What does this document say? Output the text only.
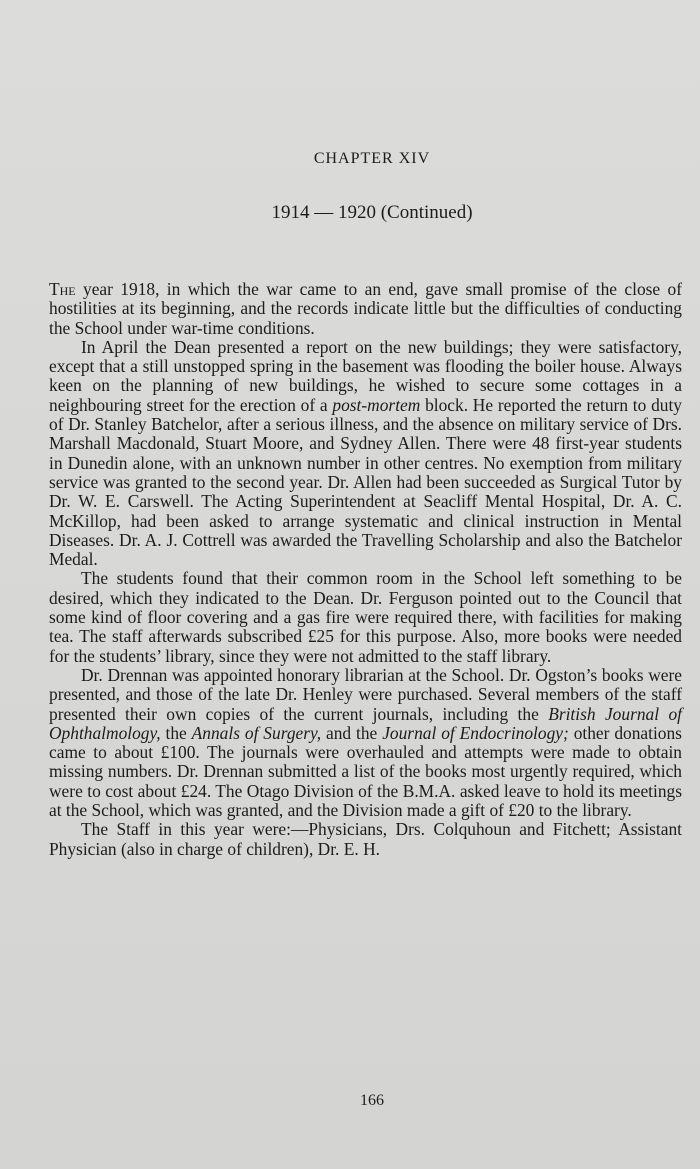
CHAPTER XIV
1914 — 1920 (Continued)

The year 1918, in which the war came to an end, gave small promise of the close of hostilities at its beginning, and the records indicate little but the difficulties of conducting the School under war-time conditions.

In April the Dean presented a report on the new buildings; they were satisfactory, except that a still unstopped spring in the basement was flooding the boiler house. Always keen on the planning of new buildings, he wished to secure some cottages in a neighbouring street for the erection of a post-mortem block. He reported the return to duty of Dr. Stanley Batchelor, after a serious illness, and the absence on military service of Drs. Marshall Macdonald, Stuart Moore, and Sydney Allen. There were 48 first-year students in Dunedin alone, with an unknown number in other centres. No exemption from military service was granted to the second year. Dr. Allen had been succeeded as Surgical Tutor by Dr. W. E. Carswell. The Acting Superintendent at Seacliff Mental Hospital, Dr. A. C. McKillop, had been asked to arrange systematic and clinical instruction in Mental Diseases. Dr. A. J. Cottrell was awarded the Travelling Scholarship and also the Batchelor Medal.

The students found that their common room in the School left something to be desired, which they indicated to the Dean. Dr. Ferguson pointed out to the Council that some kind of floor covering and a gas fire were required there, with facilities for making tea. The staff afterwards subscribed £25 for this purpose. Also, more books were needed for the students’ library, since they were not admitted to the staff library.

Dr. Drennan was appointed honorary librarian at the School. Dr. Ogston’s books were presented, and those of the late Dr. Henley were purchased. Several members of the staff presented their own copies of the current journals, including the British Journal of Ophthalmology, the Annals of Surgery, and the Journal of Endocrinology; other donations came to about £100. The journals were overhauled and attempts were made to obtain missing numbers. Dr. Drennan submitted a list of the books most urgently required, which were to cost about £24. The Otago Division of the B.M.A. asked leave to hold its meetings at the School, which was granted, and the Division made a gift of £20 to the library.

The Staff in this year were:—Physicians, Drs. Colquhoun and Fitchett; Assistant Physician (also in charge of children), Dr. E. H.

166
